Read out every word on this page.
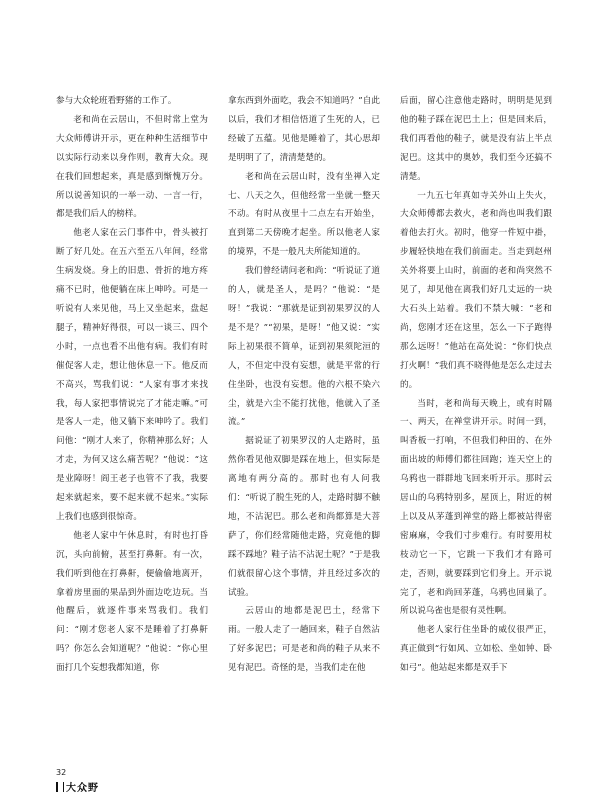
参与大众轮班看野猪的工作了。

老和尚在云居山，不但时常上堂为大众师傅讲开示，更在种种生活细节中以实际行动来以身作则，教育大众。现在我们回想起来，真是感到惭愧万分。所以说善知识的一举一动、一言一行，都是我们后人的榜样。

他老人家在云门事件中，骨头被打断了好几处。在五六至五八年间，经常生病发烧。身上的旧患、骨折的地方疼痛不已时，他便躺在床上呻吟。可是一听说有人来见他，马上又坐起来，盘起腿子，精神好得很，可以一谈三、四个小时，一点也看不出他有病。我们有时催促客人走，想让他休息一下。他反而不高兴，骂我们说：“人家有事才来找我，每人家把事情说完了才能走嘛。”可是客人一走，他又躺下来呻吟了。我们问他：“刚才人来了，你精神那么好；人才走，为何又这么痛苦呢？”他说：“这是业障呀！阎王老子也管不了我，我要起来就起来，要不起来就不起来。”实际上我们也感到很惊奇。

他老人家中午休息时，有时也打昏沉，头向前俯，甚至打鼻鼾。有一次，我们听到他在打鼻鼾，便偷偷地离开，拿着房里面的果品到外面边吃边玩。当他醒后，就逐件事来骂我们。我们问：“刚才您老人家不是睡着了打鼻鼾吗？你怎么会知道呢？”他说：“你心里面打几个妄想我都知道，你

拿东西到外面吃，我会不知道吗？”自此以后，我们才相信悟道了生死的人，已经破了五蕴。见他是睡着了，其心思却是明明了了，清清楚楚的。

老和尚在云居山时，没有坐禅入定七、八天之久，但他经常一坐就一整天不动。有时从夜里十二点左右开始坐，直到第二天傍晚才起坐。所以他老人家的境界，不是一般凡夫所能知道的。

我们曾经请问老和尚：“听说证了道的人，就是圣人，是吗？”他说：“是呀！”我说：“那就是证到初果罗汉的人是不是？”“初果，是呀！”他又说：“实际上初果很不简单，证到初果须陀洹的人，不但定中没有妄想，就是平常的行住坐卧，也没有妄想。他的六根不染六尘，就是六尘不能打扰他，他就入了圣流。”

据说证了初果罗汉的人走路时，虽然你看见他双脚是踩在地上，但实际是离地有两分高的。那时也有人问我们：“听说了脱生死的人，走路时脚不触地，不沾泥巴。那么老和尚都算是大菩萨了，你们经常随他走路，究竟他的脚踩不踩地？鞋子沾不沾泥土呢？”于是我们就很留心这个事情，并且经过多次的试验。

云居山的地都是泥巴土，经常下雨。一般人走了一趟回来，鞋子自然沾了好多泥巴；可是老和尚的鞋子从来不见有泥巴。奇怪的是，当我们走在他

后面，留心注意他走路时，明明是见到他的鞋子踩在泥巴土上；但是回来后，我们再看他的鞋子，就是没有沾上半点泥巴。这其中的奥妙，我们至今还搞不清楚。

一九五七年真如寺关外山上失火，大众师傅都去救火，老和尚也叫我们跟着他去打火。初时，他穿一件短中褂，步履轻快地在我们前面走。当走到赵州关外将要上山时，前面的老和尚突然不见了，却见他在离我们好几丈远的一块大石头上站着。我们不禁大喊：“老和尚，您刚才还在这里，怎么一下子跑得那么远呀！”他站在高处说：“你们快点打火啊！”我们真不晓得他是怎么走过去的。

当时，老和尚每天晚上，或有时隔一、两天，在禅堂讲开示。时间一到，叫香板一打响，不但我们种田的、在外面出坡的师傅们都往回跑；连天空上的乌鸦也一群群地飞回来听开示。那时云居山的乌鸦特别多，屋顶上，附近的树上以及从茅蓬到禅堂的路上都被站得密密麻麻，令我们寸步难行。有时要用杖枝动它一下，它跳一下我们才有路可走，否则，就要踩到它们身上。开示说完了，老和尚回茅蓬，乌鸦也回巢了。所以说乌雀也是很有灵性啊。

他老人家行住坐卧的威仪很严正，真正做到“行如风、立如松、坐如钟、卧如弓”。他站起来都是双手下

32
大众野
